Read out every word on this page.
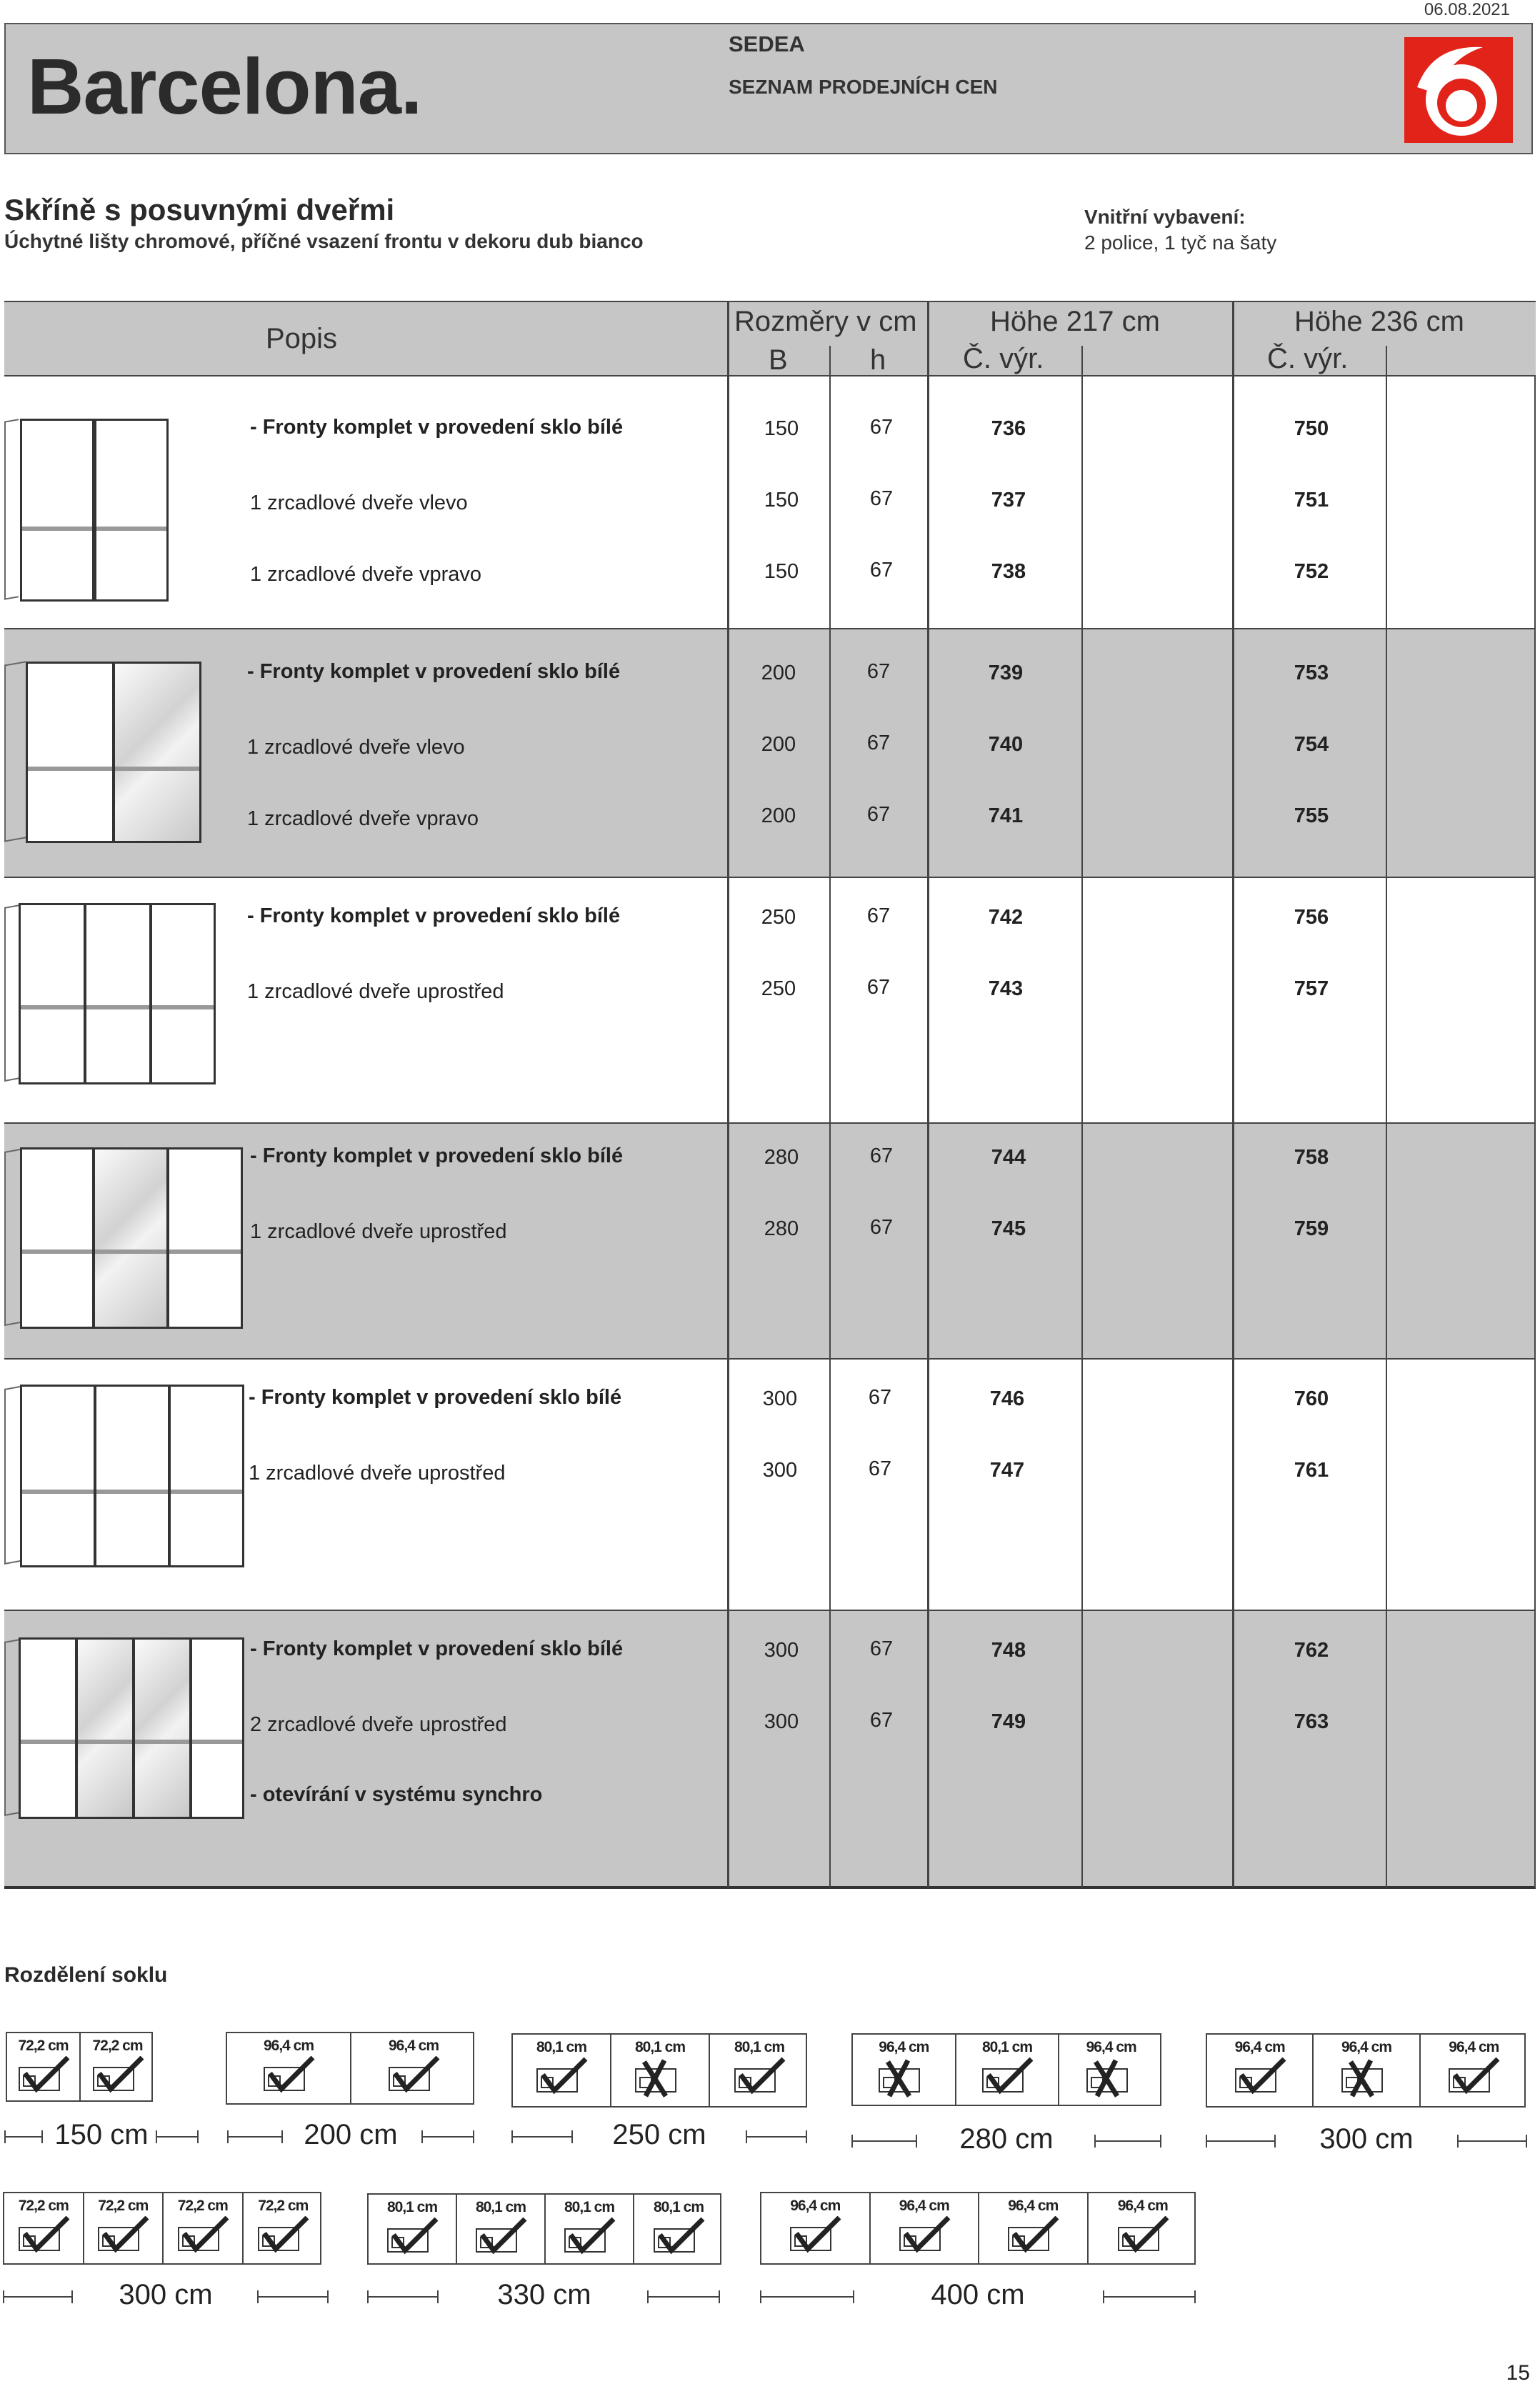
06.08.2021
Barcelona.	SEDEA
SEZNAM PRODEJNÍCH CEN
Skříně s posuvnými dveřmi
Úchytné lišty chromové, příčné vsazení frontu v dekoru dub bianco
Vnitřní vybavení:
2 police, 1 tyč na šaty
Popis
Rozměry v cm
B	h
Höhe 217 cm
Č. výr.
Höhe 236 cm
Č. výr.
- Fronty komplet v provedení sklo bílé	150	67	736	750
1 zrcadlové dveře vlevo	150	67	737	751
1 zrcadlové dveře vpravo	150	67	738	752
- Fronty komplet v provedení sklo bílé	200	67	739	753
1 zrcadlové dveře vlevo	200	67	740	754
1 zrcadlové dveře vpravo	200	67	741	755
- Fronty komplet v provedení sklo bílé	250	67	742	756
1 zrcadlové dveře uprostřed	250	67	743	757
- Fronty komplet v provedení sklo bílé	280	67	744	758
1 zrcadlové dveře uprostřed	280	67	745	759
- Fronty komplet v provedení sklo bílé	300	67	746	760
1 zrcadlové dveře uprostřed	300	67	747	761
- Fronty komplet v provedení sklo bílé	300	67	748	762
2 zrcadlové dveře uprostřed	300	67	749	763
- otevírání v systému synchro
Rozdělení soklu
72,2 cm	72,2 cm
150 cm
96,4 cm	96,4 cm
200 cm
80,1 cm	80,1 cm	80,1 cm
250 cm
96,4 cm	80,1 cm	96,4 cm
280 cm
96,4 cm	96,4 cm	96,4 cm
300 cm
72,2 cm	72,2 cm	72,2 cm	72,2 cm
300 cm
80,1 cm	80,1 cm	80,1 cm	80,1 cm
330 cm
96,4 cm	96,4 cm	96,4 cm	96,4 cm
400 cm
15
